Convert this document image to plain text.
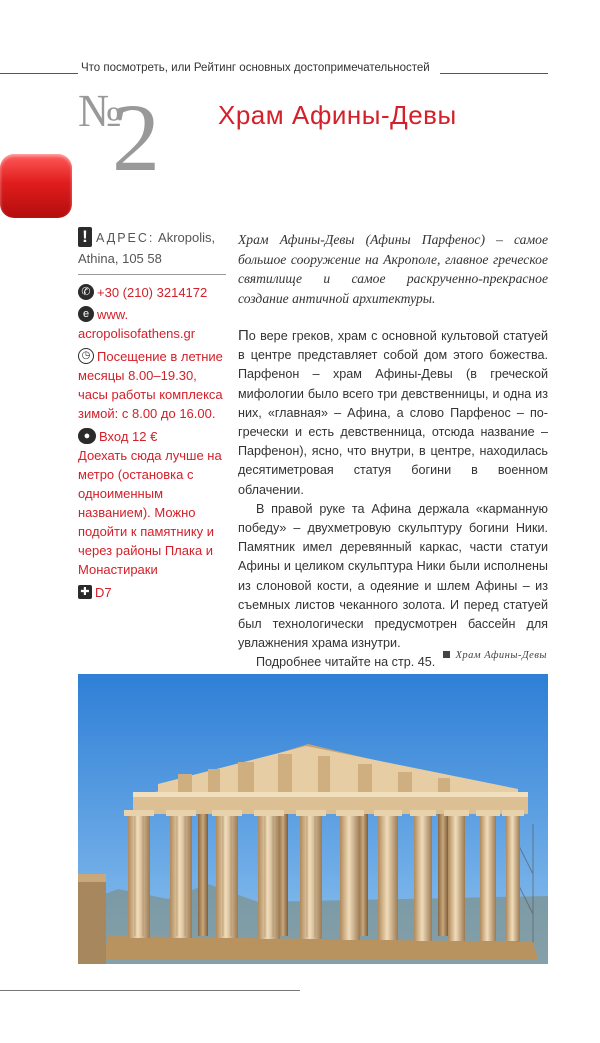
Что посмотреть, или Рейтинг основных достопримечательностей
№
2 Храм Афины-Девы
! АДРЕС: Akropolis, Athina, 105 58
✆ +30 (210) 3214172
e www.
acropolisofathens.gr
◷ Посещение в летние месяцы 8.00–19.30, часы работы комплекса зимой: с 8.00 до 16.00.
● Вход 12 €
Доехать сюда лучше на метро (остановка с одноименным названием). Можно подойти к памятнику и через районы Плака и Монастираки
✚ D7

Храм Афины-Девы (Афины Парфенос) – самое большое сооружение на Акрополе, главное греческое святилище и самое раскрученно-прекрасное создание античной архитектуры.

По вере греков, храм с основной культовой статуей в центре представляет собой дом этого божества. Парфенон – храм Афины-Девы (в греческой мифологии было всего три девственницы, и одна из них, «главная» – Афина, а слово Парфенос – по-гречески и есть девственница, отсюда название – Парфенон), ясно, что внутри, в центре, находилась десятиметровая статуя богини в военном облачении.

В правой руке та Афина держала «карманную победу» – двухметровую скульптуру богини Ники. Памятник имел деревянный каркас, части статуи Афины и целиком скульптура Ники были исполнены из слоновой кости, а одеяние и шлем Афины – из съемных листов чеканного золота. И перед статуей был технологически предусмотрен бассейн для увлажнения храма изнутри.

Подробнее читайте на стр. 45.	Храм Афины-Девы
